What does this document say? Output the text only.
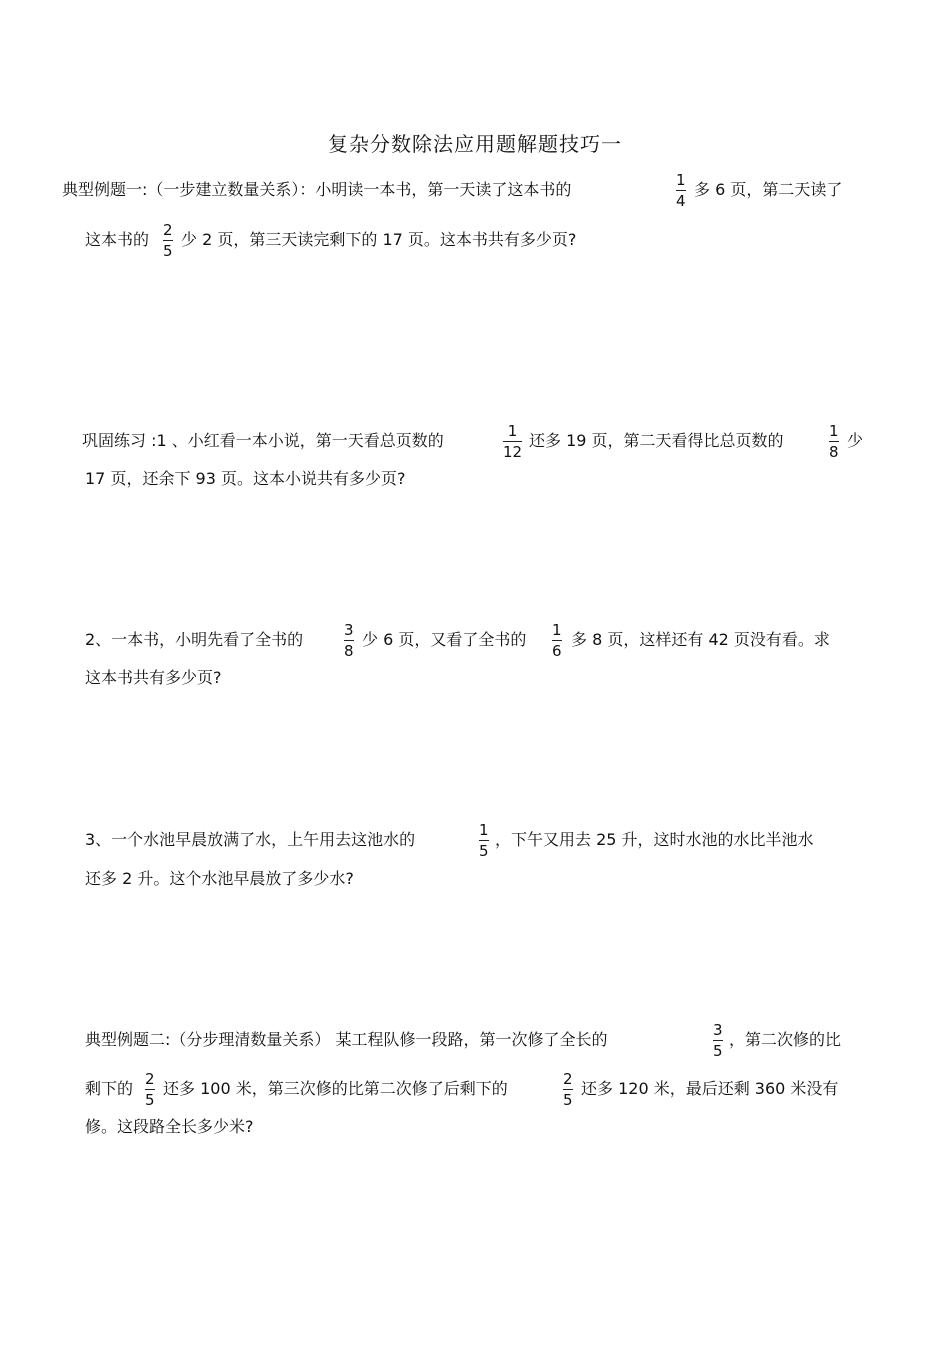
复杂分数除法应用题解题技巧一
典型例题一:（一步建立数量关系）：小明读一本书，第一天读了这本书的	1
4
多 6 页，第二天读了
这本书的 2
5
少 2 页，第三天读完剩下的 17 页。这本书共有多少页?
巩固练习 :1 、小红看一本小说，第一天看总页数的	1
12
还多 19 页，第二天看得比总页数的	1
8
少
17 页，还余下 93 页。这本小说共有多少页?
2、一本书，小明先看了全书的	3
8
少 6 页，又看了全书的 1
6
多 8 页，这样还有 42 页没有看。求
这本书共有多少页?
3、一个水池早晨放满了水，上午用去这池水的	1
5
，下午又用去 25 升，这时水池的水比半池水
还多 2 升。这个水池早晨放了多少水?
典型例题二:（分步理清数量关系） 某工程队修一段路，第一次修了全长的	3
5
，第二次修的比
剩下的 2
5
还多 100 米，第三次修的比第二次修了后剩下的	2
5
还多 120 米，最后还剩 360 米没有
修。这段路全长多少米?
